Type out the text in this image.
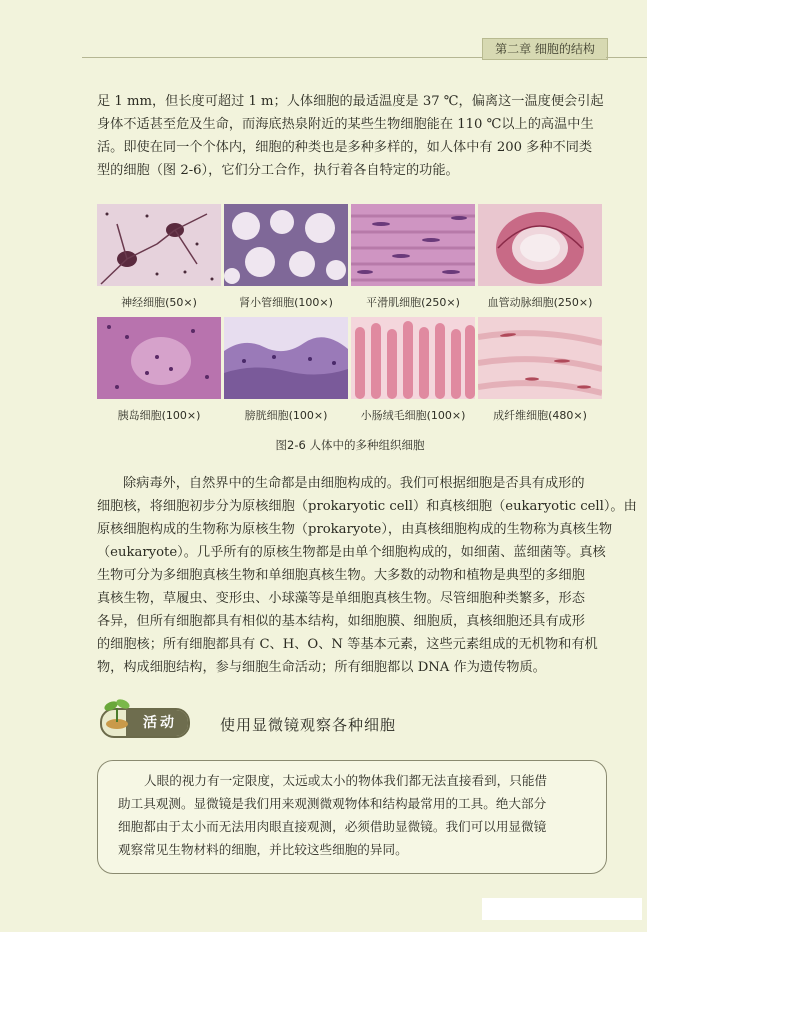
第二章 细胞的结构
足 1 mm，但长度可超过 1 m；人体细胞的最适温度是 37 ℃，偏离这一温度便会引起
身体不适甚至危及生命，而海底热泉附近的某些生物细胞能在 110 ℃以上的高温中生
活。即使在同一个个体内，细胞的种类也是多种多样的，如人体中有 200 多种不同类
型的细胞（图 2-6），它们分工合作，执行着各自特定的功能。
神经细胞(50×)	肾小管细胞(100×)	平滑肌细胞(250×)	血管动脉细胞(250×)
胰岛细胞(100×)	膀胱细胞(100×)	小肠绒毛细胞(100×)	成纤维细胞(480×)
图2-6 人体中的多种组织细胞
除病毒外，自然界中的生命都是由细胞构成的。我们可根据细胞是否具有成形的
细胞核，将细胞初步分为原核细胞（prokaryotic cell）和真核细胞（eukaryotic cell）。由
原核细胞构成的生物称为原核生物（prokaryote），由真核细胞构成的生物称为真核生物
（eukaryote）。几乎所有的原核生物都是由单个细胞构成的，如细菌、蓝细菌等。真核
生物可分为多细胞真核生物和单细胞真核生物。大多数的动物和植物是典型的多细胞
真核生物，草履虫、变形虫、小球藻等是单细胞真核生物。尽管细胞种类繁多，形态
各异，但所有细胞都具有相似的基本结构，如细胞膜、细胞质，真核细胞还具有成形
的细胞核；所有细胞都具有 C、H、O、N 等基本元素，这些元素组成的无机物和有机
物，构成细胞结构，参与细胞生命活动；所有细胞都以 DNA 作为遗传物质。
活动	使用显微镜观察各种细胞
人眼的视力有一定限度，太远或太小的物体我们都无法直接看到，只能借
助工具观测。显微镜是我们用来观测微观物体和结构最常用的工具。绝大部分
细胞都由于太小而无法用肉眼直接观测，必须借助显微镜。我们可以用显微镜
观察常见生物材料的细胞，并比较这些细胞的异同。
